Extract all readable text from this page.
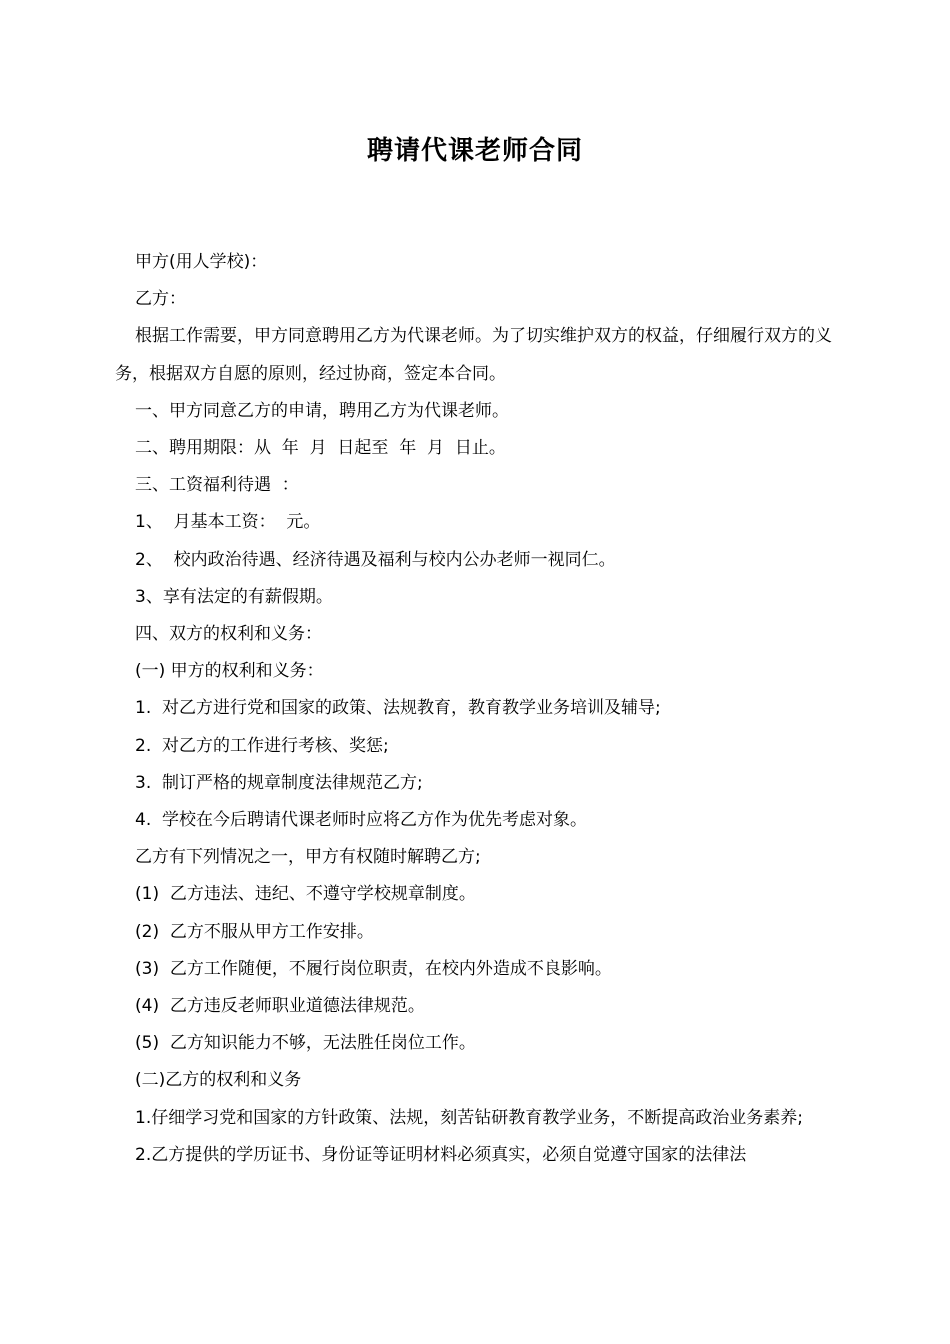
聘请代课老师合同

甲方(用人学校)：

乙方：

根据工作需要，甲方同意聘用乙方为代课老师。为了切实维护双方的权益，仔细履行双方的义务，根据双方自愿的原则，经过协商，签定本合同。

一、甲方同意乙方的申请，聘用乙方为代课老师。

二、聘用期限：从  年  月  日起至  年  月  日止。

三、工资福利待遇  ：

1、  月基本工资：  元。

2、  校内政治待遇、经济待遇及福利与校内公办老师一视同仁。

3、享有法定的有薪假期。

四、双方的权利和义务：

(一) 甲方的权利和义务：

1.  对乙方进行党和国家的政策、法规教育，教育教学业务培训及辅导;

2.  对乙方的工作进行考核、奖惩;

3.  制订严格的规章制度法律规范乙方;

4.  学校在今后聘请代课老师时应将乙方作为优先考虑对象。

乙方有下列情况之一，甲方有权随时解聘乙方;

(1)  乙方违法、违纪、不遵守学校规章制度。

(2)  乙方不服从甲方工作安排。

(3)  乙方工作随便，不履行岗位职责，在校内外造成不良影响。

(4)  乙方违反老师职业道德法律规范。

(5)  乙方知识能力不够，无法胜任岗位工作。

(二)乙方的权利和义务

1.仔细学习党和国家的方针政策、法规，刻苦钻研教育教学业务，不断提高政治业务素养;

2.乙方提供的学历证书、身份证等证明材料必须真实，必须自觉遵守国家的法律法
